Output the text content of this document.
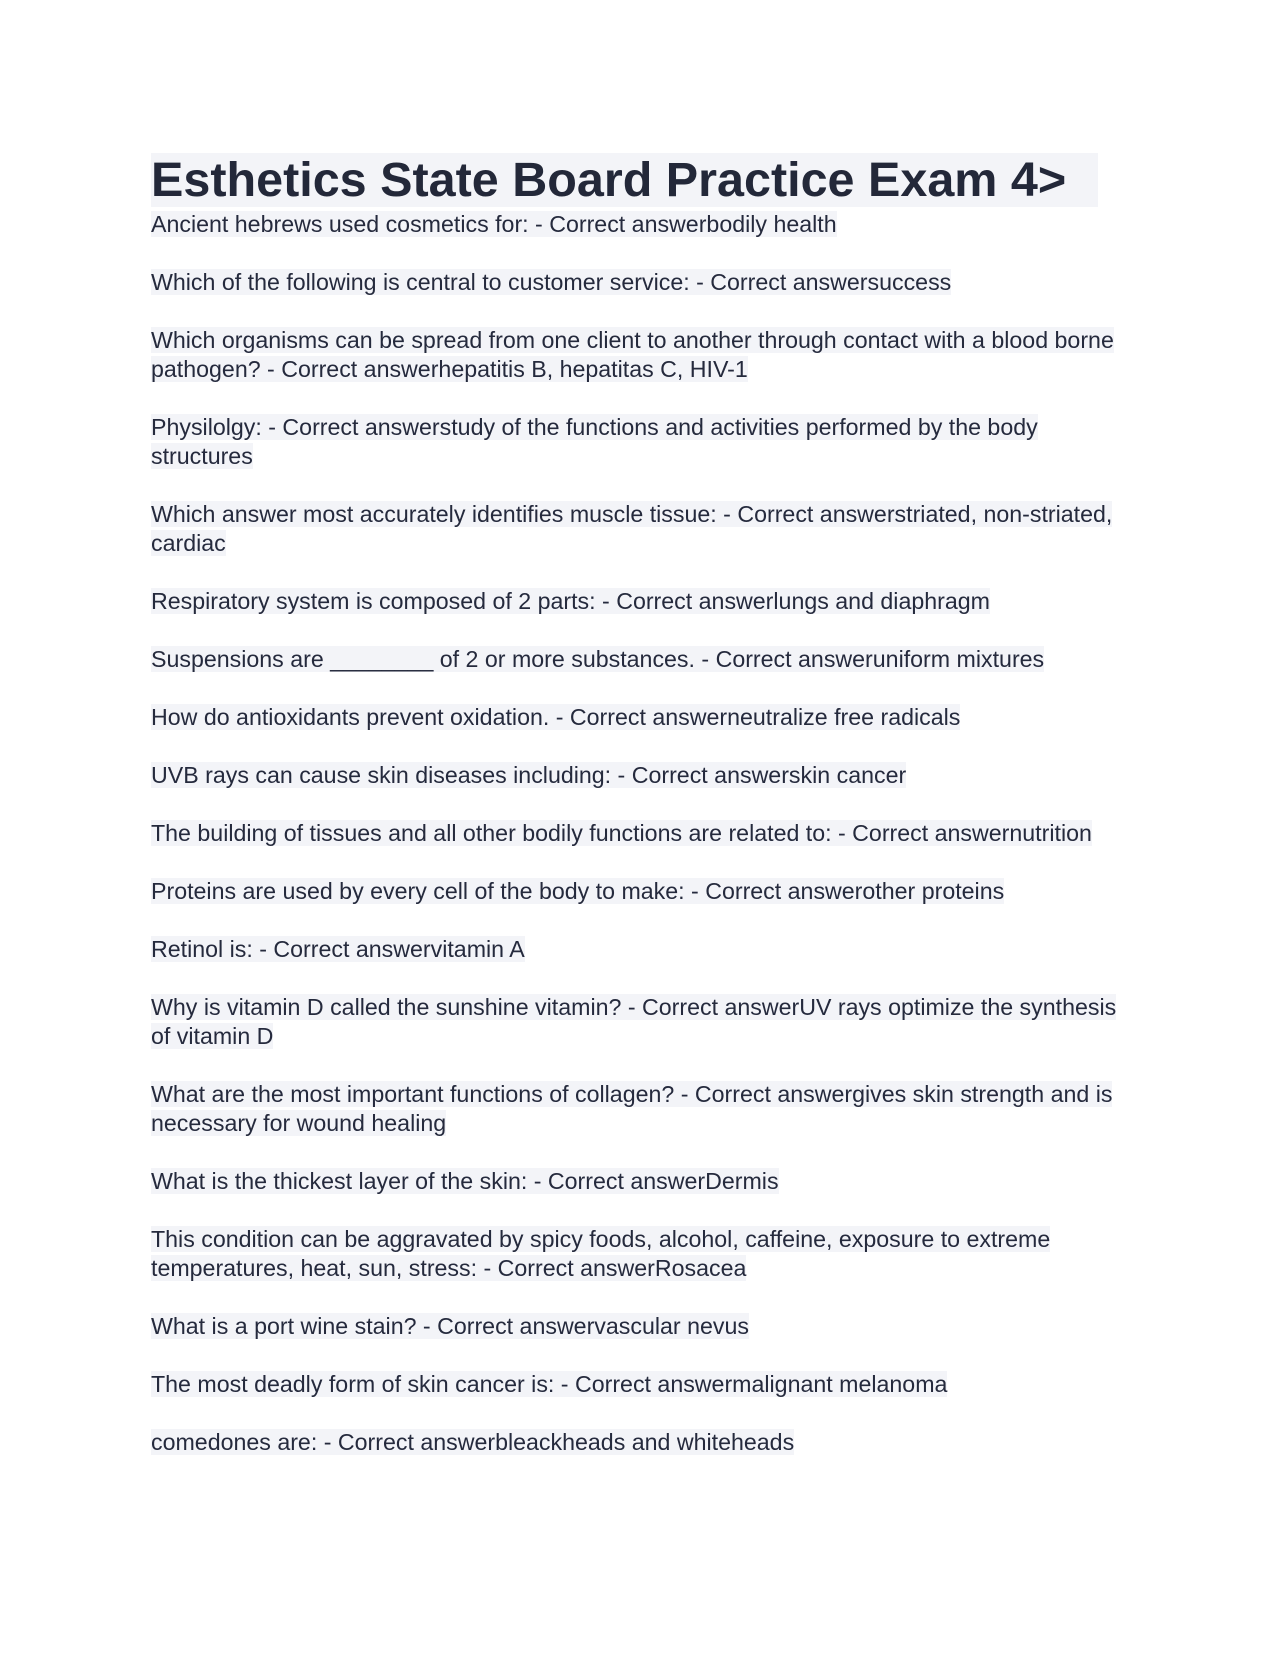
Esthetics State Board Practice Exam 4>
Ancient hebrews used cosmetics for: - Correct answerbodily health
Which of the following is central to customer service: - Correct answersuccess
Which organisms can be spread from one client to another through contact with a blood borne pathogen? - Correct answerhepatitis B, hepatitas C, HIV-1
Physilolgy: - Correct answerstudy of the functions and activities performed by the body structures
Which answer most accurately identifies muscle tissue: - Correct answerstriated, non-striated, cardiac
Respiratory system is composed of 2 parts: - Correct answerlungs and diaphragm
Suspensions are ________ of 2 or more substances. - Correct answeruniform mixtures
How do antioxidants prevent oxidation. - Correct answerneutralize free radicals
UVB rays can cause skin diseases including: - Correct answerskin cancer
The building of tissues and all other bodily functions are related to: - Correct answernutrition
Proteins are used by every cell of the body to make: - Correct answerother proteins
Retinol is: - Correct answervitamin A
Why is vitamin D called the sunshine vitamin? - Correct answerUV rays optimize the synthesis of vitamin D
What are the most important functions of collagen? - Correct answergives skin strength and is necessary for wound healing
What is the thickest layer of the skin: - Correct answerDermis
This condition can be aggravated by spicy foods, alcohol, caffeine, exposure to extreme temperatures, heat, sun, stress: - Correct answerRosacea
What is a port wine stain? - Correct answervascular nevus
The most deadly form of skin cancer is: - Correct answermalignant melanoma
comedones are: - Correct answerbleackheads and whiteheads
